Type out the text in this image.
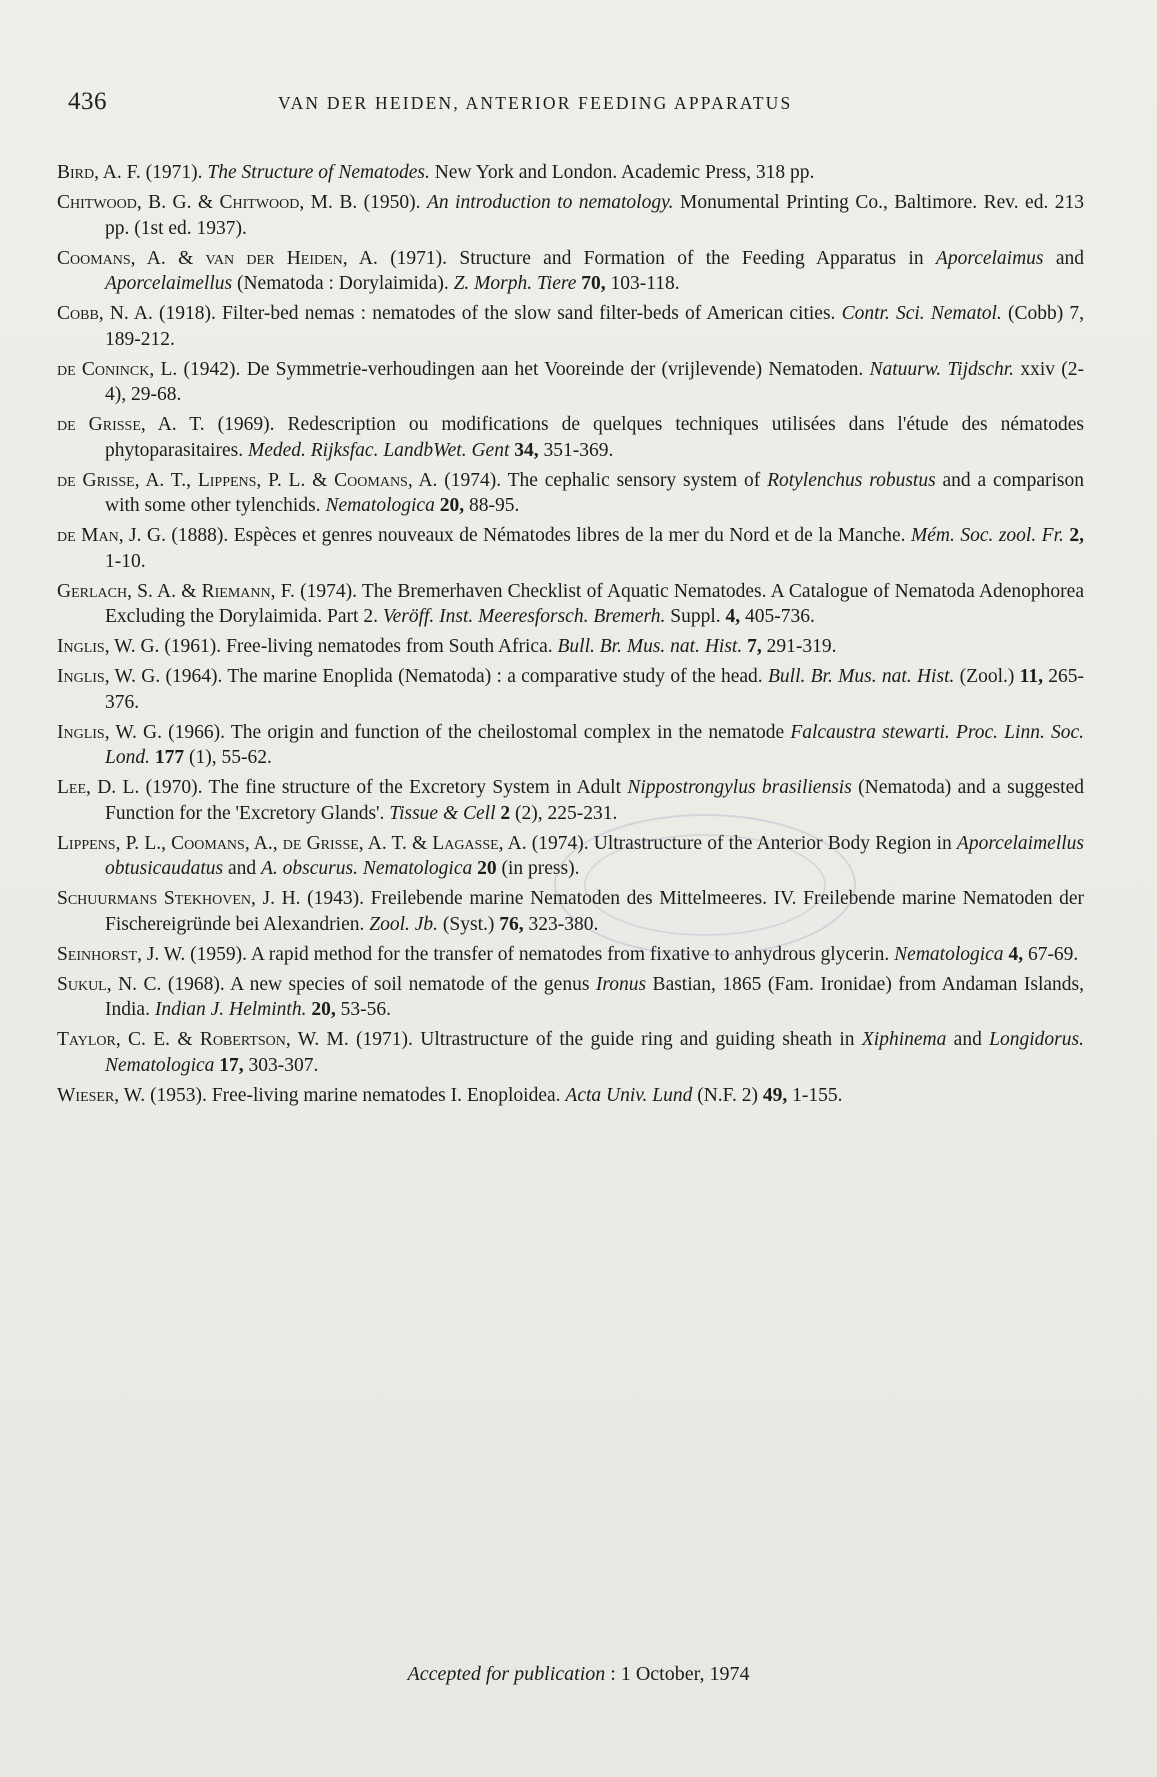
436	VAN DER HEIDEN, ANTERIOR FEEDING APPARATUS

Bird, A. F. (1971). The Structure of Nematodes. New York and London. Academic Press, 318 pp.

Chitwood, B. G. & Chitwood, M. B. (1950). An introduction to nematology. Monumental Printing Co., Baltimore. Rev. ed. 213 pp. (1st ed. 1937).

Coomans, A. & van der Heiden, A. (1971). Structure and Formation of the Feeding Apparatus in Aporcelaimus and Aporcelaimellus (Nematoda : Dorylaimida). Z. Morph. Tiere 70, 103-118.

Cobb, N. A. (1918). Filter-bed nemas : nematodes of the slow sand filter-beds of American cities. Contr. Sci. Nematol. (Cobb) 7, 189-212.

de Coninck, L. (1942). De Symmetrie-verhoudingen aan het Vooreinde der (vrijlevende) Nematoden. Natuurw. Tijdschr. xxiv (2-4), 29-68.

de Grisse, A. T. (1969). Redescription ou modifications de quelques techniques utilisées dans l'étude des nématodes phytoparasitaires. Meded. Rijksfac. LandbWet. Gent 34, 351-369.

de Grisse, A. T., Lippens, P. L. & Coomans, A. (1974). The cephalic sensory system of Rotylenchus robustus and a comparison with some other tylenchids. Nematologica 20, 88-95.

de Man, J. G. (1888). Espèces et genres nouveaux de Nématodes libres de la mer du Nord et de la Manche. Mém. Soc. zool. Fr. 2, 1-10.

Gerlach, S. A. & Riemann, F. (1974). The Bremerhaven Checklist of Aquatic Nematodes. A Catalogue of Nematoda Adenophorea Excluding the Dorylaimida. Part 2. Veröff. Inst. Meeresforsch. Bremerh. Suppl. 4, 405-736.

Inglis, W. G. (1961). Free-living nematodes from South Africa. Bull. Br. Mus. nat. Hist. 7, 291-319.

Inglis, W. G. (1964). The marine Enoplida (Nematoda) : a comparative study of the head. Bull. Br. Mus. nat. Hist. (Zool.) 11, 265-376.

Inglis, W. G. (1966). The origin and function of the cheilostomal complex in the nematode Falcaustra stewarti. Proc. Linn. Soc. Lond. 177 (1), 55-62.

Lee, D. L. (1970). The fine structure of the Excretory System in Adult Nippostrongylus brasiliensis (Nematoda) and a suggested Function for the 'Excretory Glands'. Tissue & Cell 2 (2), 225-231.

Lippens, P. L., Coomans, A., de Grisse, A. T. & Lagasse, A. (1974). Ultrastructure of the Anterior Body Region in Aporcelaimellus obtusicaudatus and A. obscurus. Nematologica 20 (in press).

Schuurmans Stekhoven, J. H. (1943). Freilebende marine Nematoden des Mittelmeeres. IV. Freilebende marine Nematoden der Fischereigründe bei Alexandrien. Zool. Jb. (Syst.) 76, 323-380.

Seinhorst, J. W. (1959). A rapid method for the transfer of nematodes from fixative to anhydrous glycerin. Nematologica 4, 67-69.

Sukul, N. C. (1968). A new species of soil nematode of the genus Ironus Bastian, 1865 (Fam. Ironidae) from Andaman Islands, India. Indian J. Helminth. 20, 53-56.

Taylor, C. E. & Robertson, W. M. (1971). Ultrastructure of the guide ring and guiding sheath in Xiphinema and Longidorus. Nematologica 17, 303-307.

Wieser, W. (1953). Free-living marine nematodes I. Enoploidea. Acta Univ. Lund (N.F. 2) 49, 1-155.

Accepted for publication : 1 October, 1974
